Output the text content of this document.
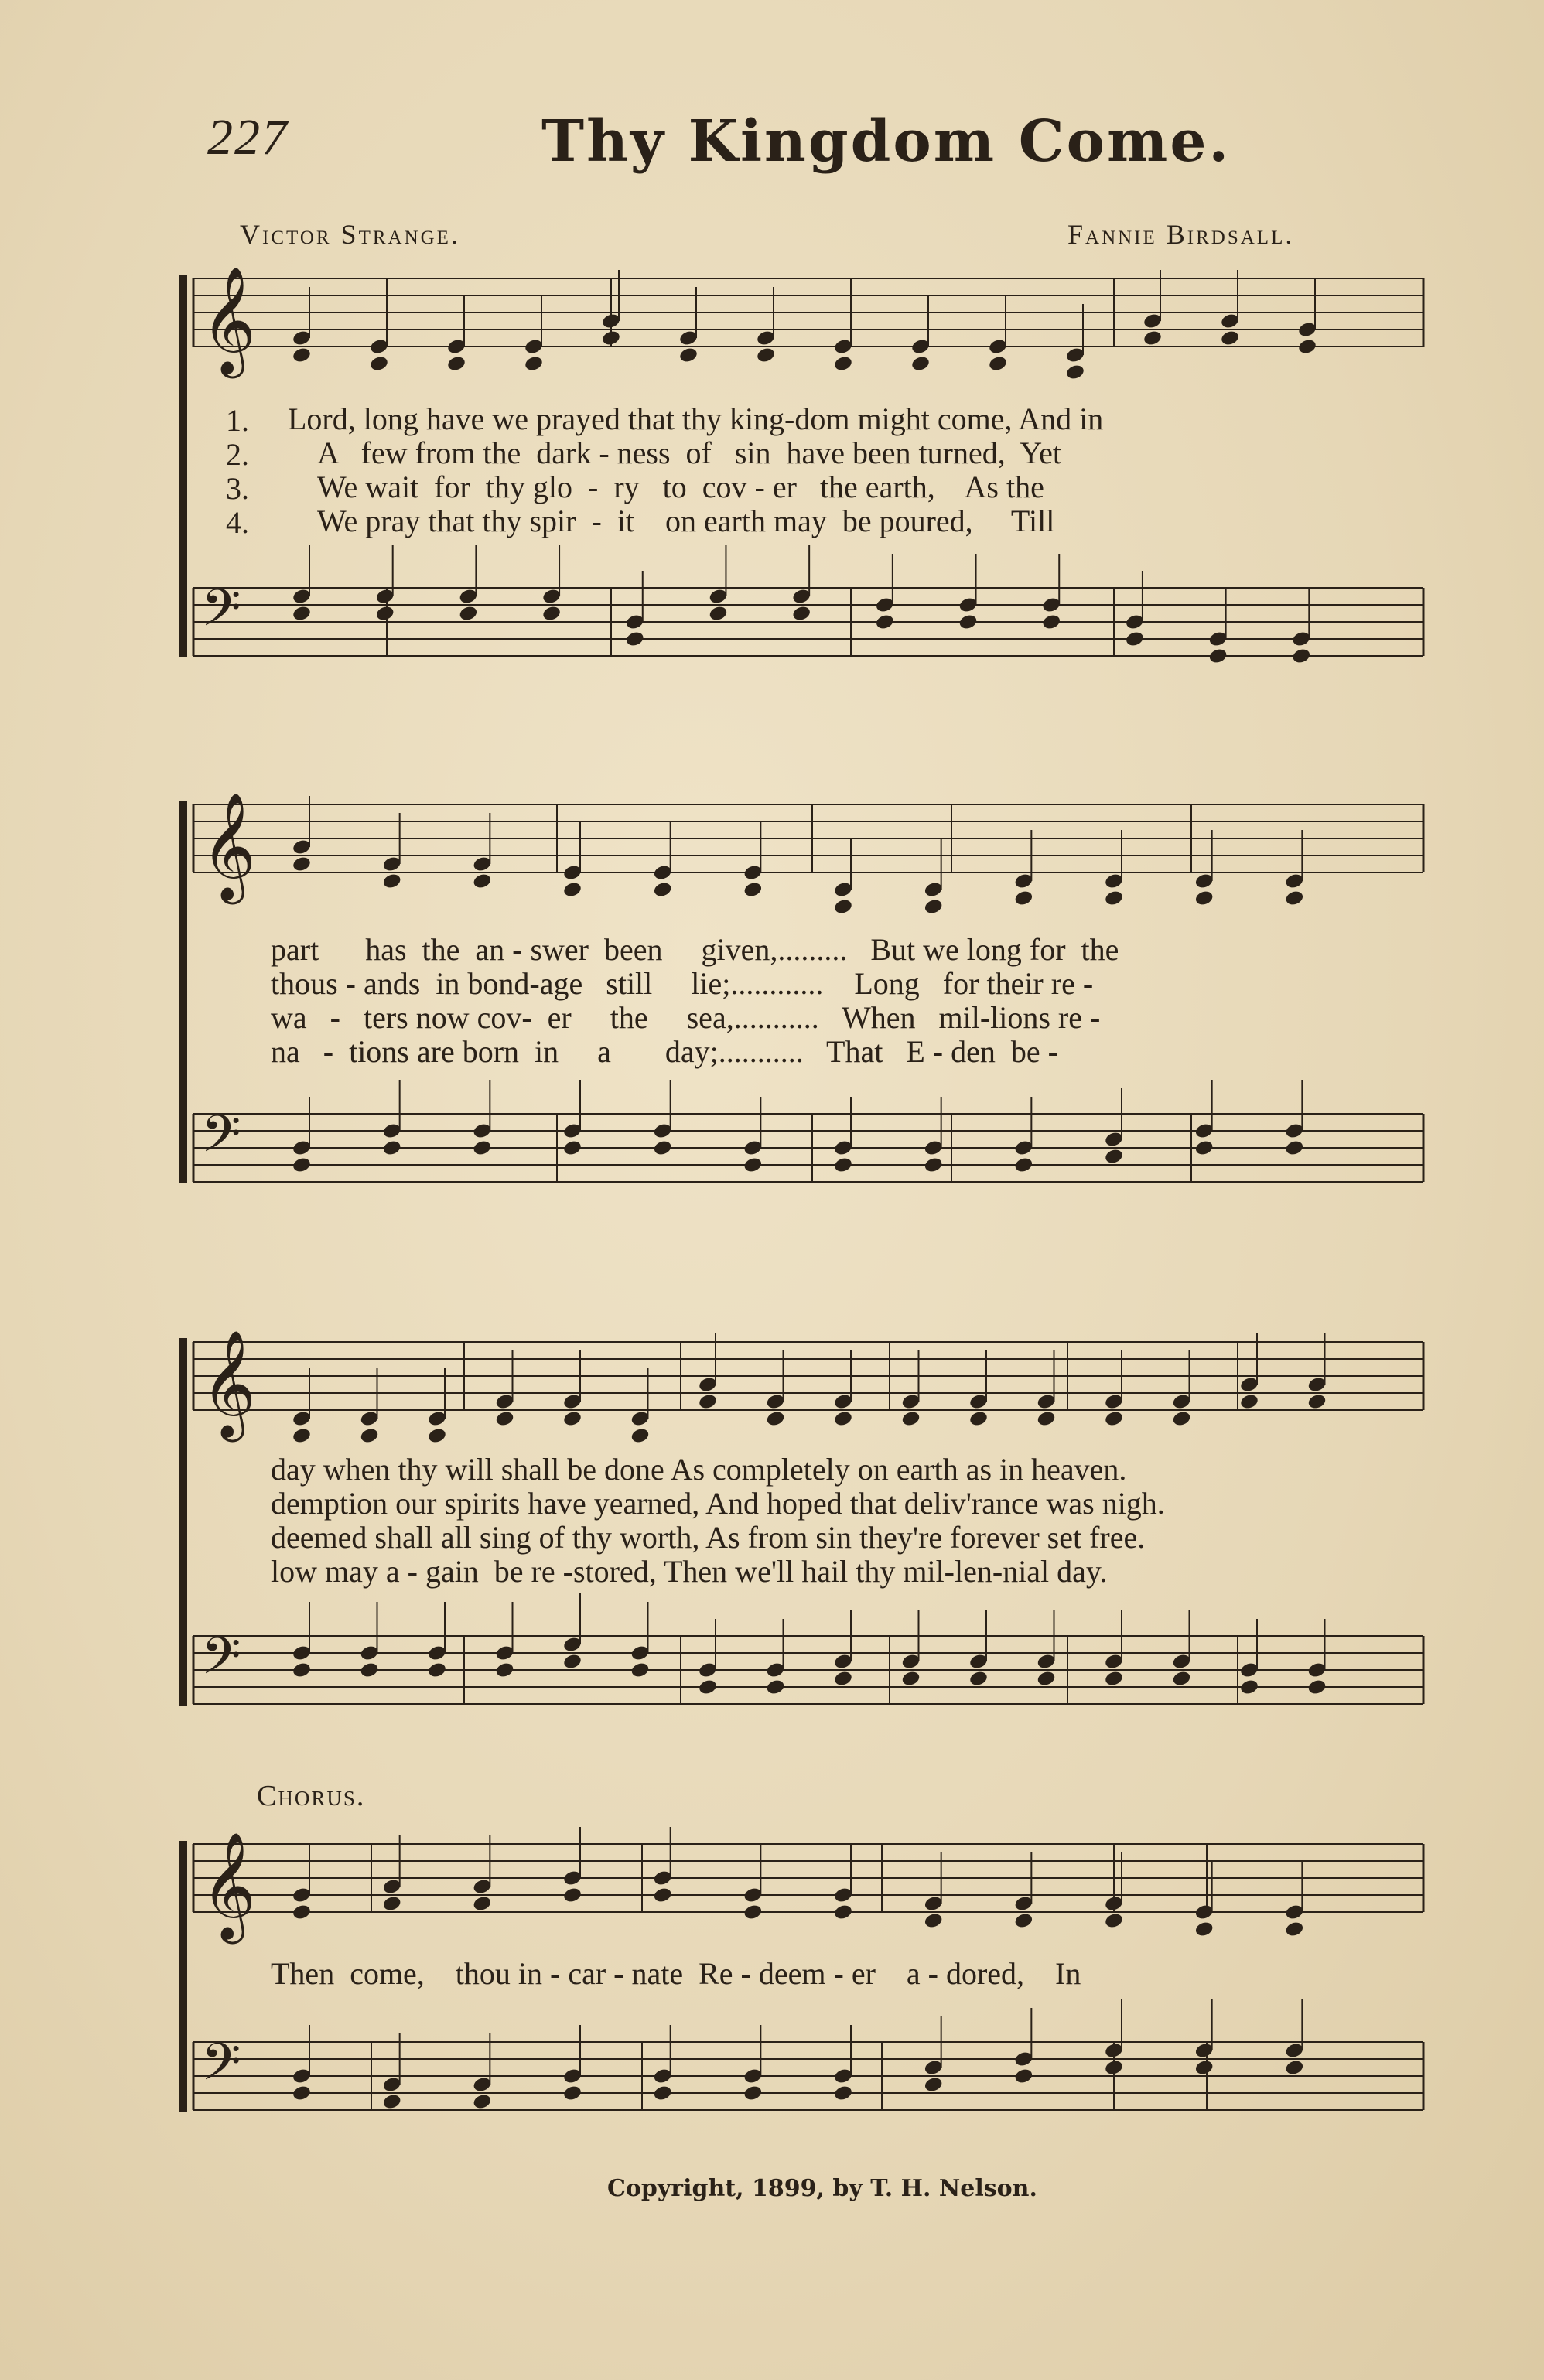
227	Thy Kingdom Come.
Victor Strange.	Fannie Birdsall.
𝄞
𝄢
𝄞
𝄢
𝄞
𝄢
𝄞
𝄢
1. Lord, long have we prayed that thy king-dom might come, And in
2. A   few from the  dark - ness  of   sin  have been turned,  Yet
3. We wait  for  thy glo  -  ry   to  cov - er   the earth,    As the
4. We pray that thy spir  -  it    on earth may  be poured,     Till
part      has  the  an - swer  been     given,.........   But we long for  the
thous - ands  in bond-age   still     lie;............    Long   for their re -
wa   -   ters now cov-  er     the     sea,...........   When   mil-lions re -
na   -  tions are born  in     a       day;...........   That   E - den  be -
day when thy will shall be done As completely on earth as in heaven.
demption our spirits have yearned, And hoped that deliv'rance was nigh.
deemed shall all sing of thy worth, As from sin they're forever set free.
low may a - gain  be re -stored, Then we'll hail thy mil-len-nial day.
Chorus.
Then  come,    thou in - car - nate  Re - deem - er    a - dored,    In
Copyright, 1899, by T. H. Nelson.
